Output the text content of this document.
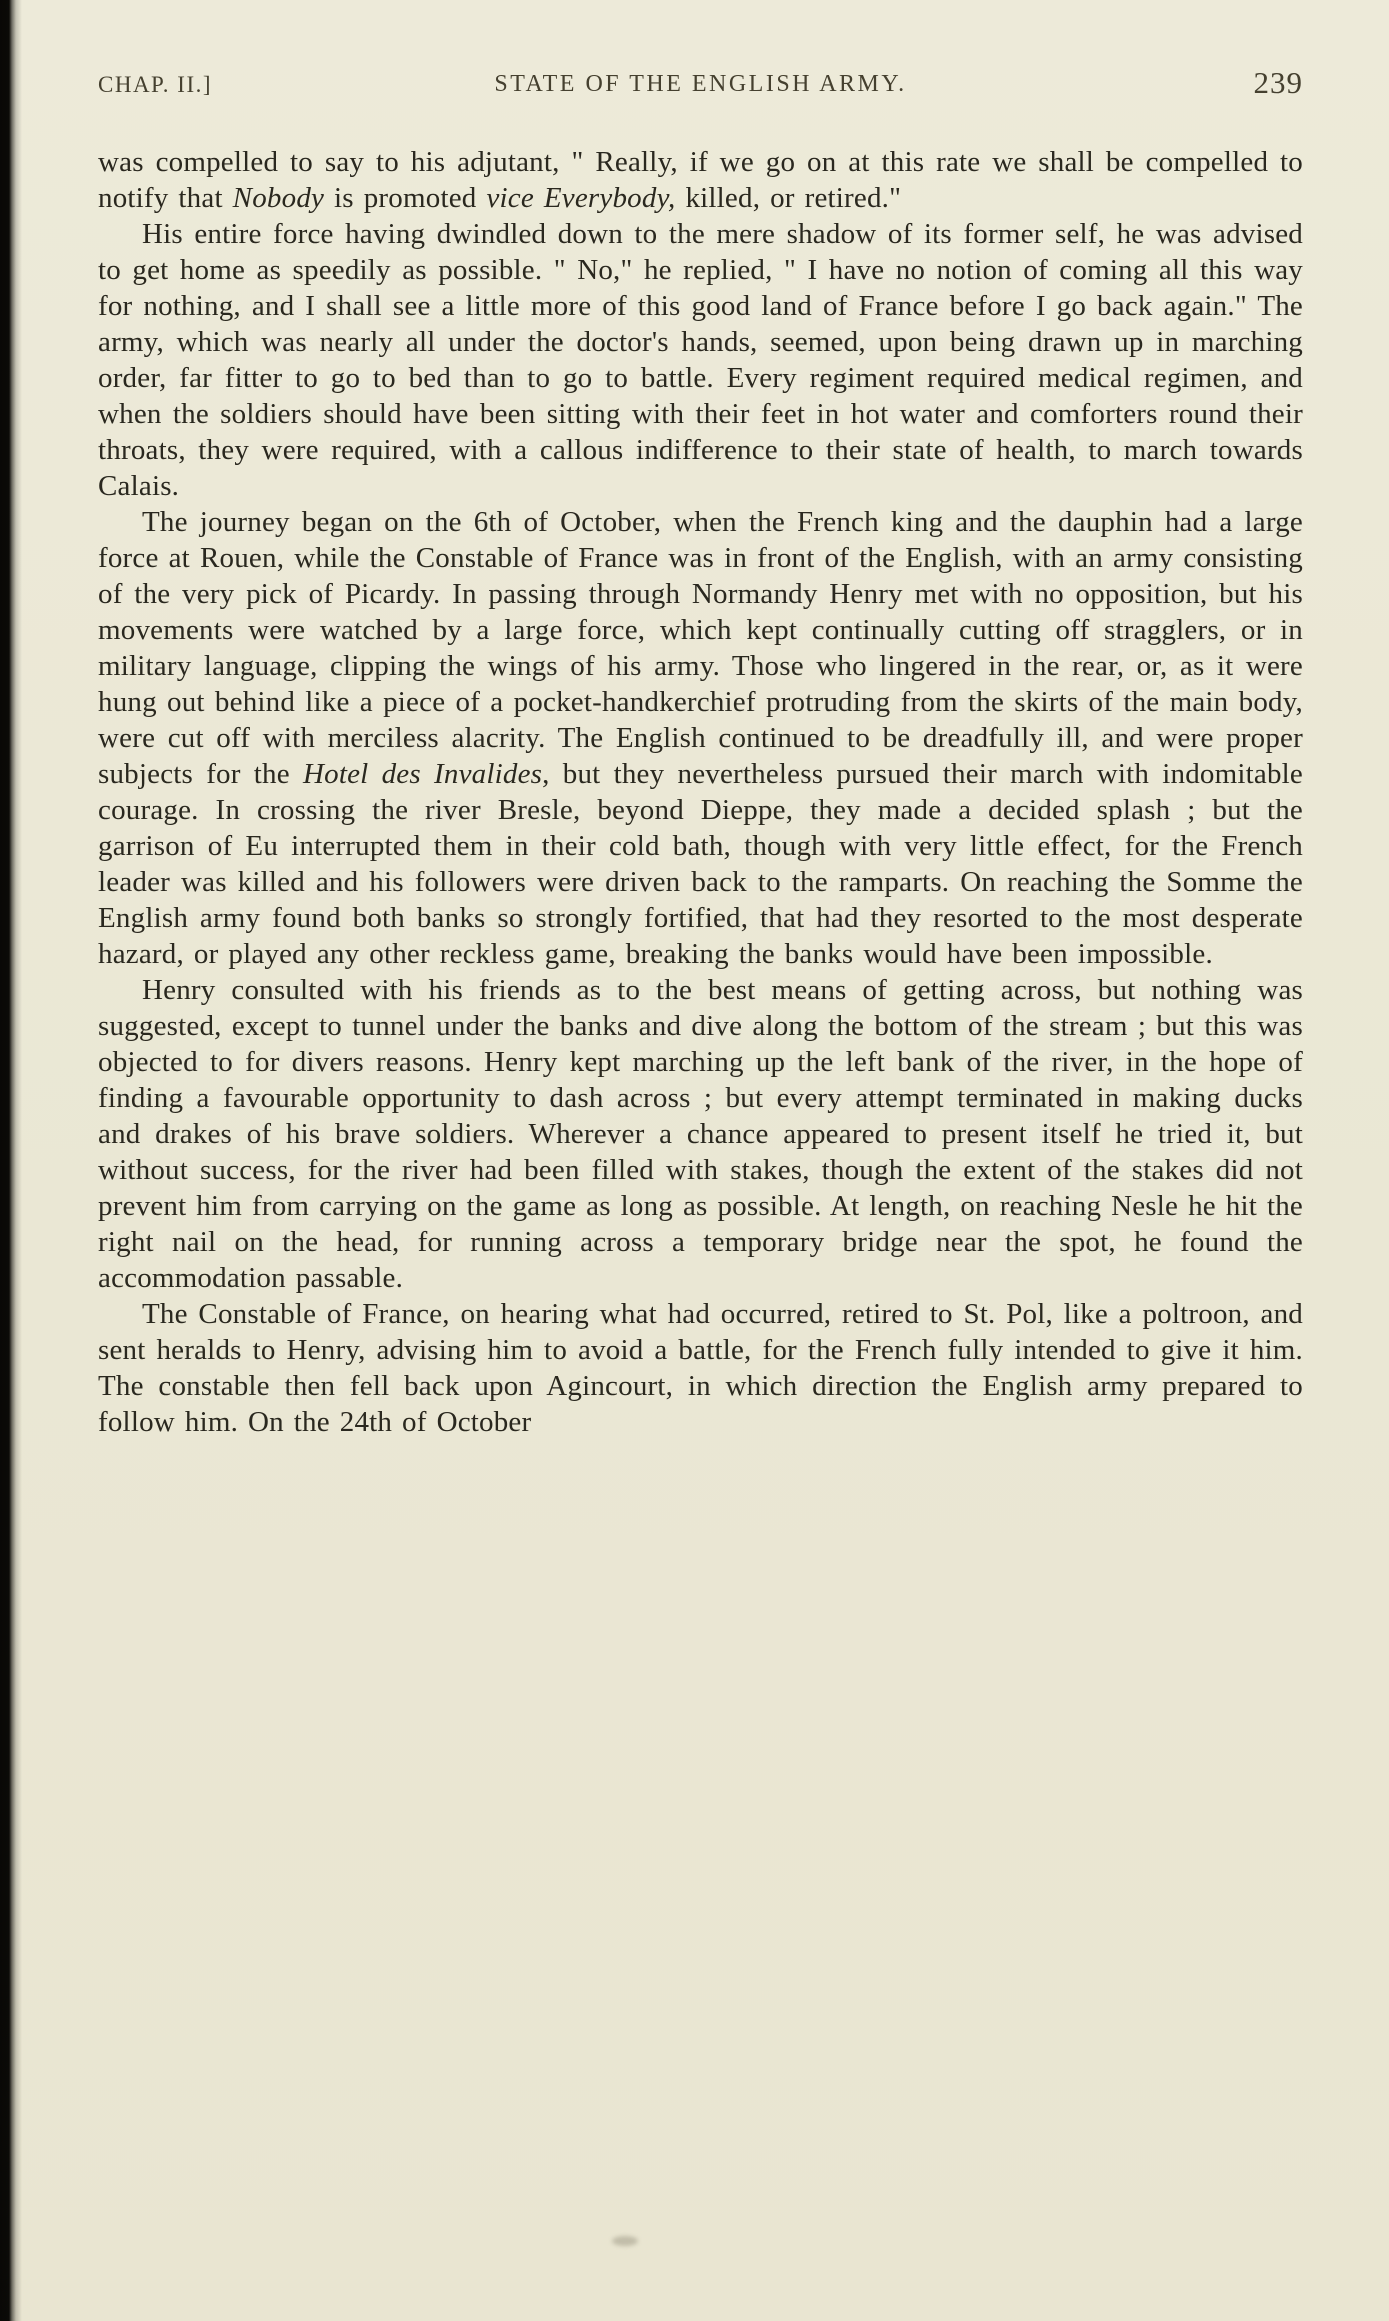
CHAP. II.]	STATE OF THE ENGLISH ARMY.	239

was compelled to say to his adjutant, " Really, if we go on at this rate we shall be compelled to notify that Nobody is promoted vice Everybody, killed, or retired."

His entire force having dwindled down to the mere shadow of its former self, he was advised to get home as speedily as possible. " No," he replied, " I have no notion of coming all this way for nothing, and I shall see a little more of this good land of France before I go back again." The army, which was nearly all under the doctor's hands, seemed, upon being drawn up in marching order, far fitter to go to bed than to go to battle. Every regiment required medical regimen, and when the soldiers should have been sitting with their feet in hot water and comforters round their throats, they were required, with a callous indifference to their state of health, to march towards Calais.

The journey began on the 6th of October, when the French king and the dauphin had a large force at Rouen, while the Constable of France was in front of the English, with an army consisting of the very pick of Picardy. In passing through Normandy Henry met with no opposition, but his movements were watched by a large force, which kept continually cutting off stragglers, or in military language, clipping the wings of his army. Those who lingered in the rear, or, as it were hung out behind like a piece of a pocket-handkerchief protruding from the skirts of the main body, were cut off with merciless alacrity. The English continued to be dreadfully ill, and were proper subjects for the Hotel des Invalides, but they nevertheless pursued their march with indomitable courage. In crossing the river Bresle, beyond Dieppe, they made a decided splash ; but the garrison of Eu interrupted them in their cold bath, though with very little effect, for the French leader was killed and his followers were driven back to the ramparts. On reaching the Somme the English army found both banks so strongly fortified, that had they resorted to the most desperate hazard, or played any other reckless game, breaking the banks would have been impossible.

Henry consulted with his friends as to the best means of getting across, but nothing was suggested, except to tunnel under the banks and dive along the bottom of the stream ; but this was objected to for divers reasons. Henry kept marching up the left bank of the river, in the hope of finding a favourable opportunity to dash across ; but every attempt terminated in making ducks and drakes of his brave soldiers. Wherever a chance appeared to present itself he tried it, but without success, for the river had been filled with stakes, though the extent of the stakes did not prevent him from carrying on the game as long as possible. At length, on reaching Nesle he hit the right nail on the head, for running across a temporary bridge near the spot, he found the accommodation passable.

The Constable of France, on hearing what had occurred, retired to St. Pol, like a poltroon, and sent heralds to Henry, advising him to avoid a battle, for the French fully intended to give it him. The constable then fell back upon Agincourt, in which direction the English army prepared to follow him. On the 24th of October
